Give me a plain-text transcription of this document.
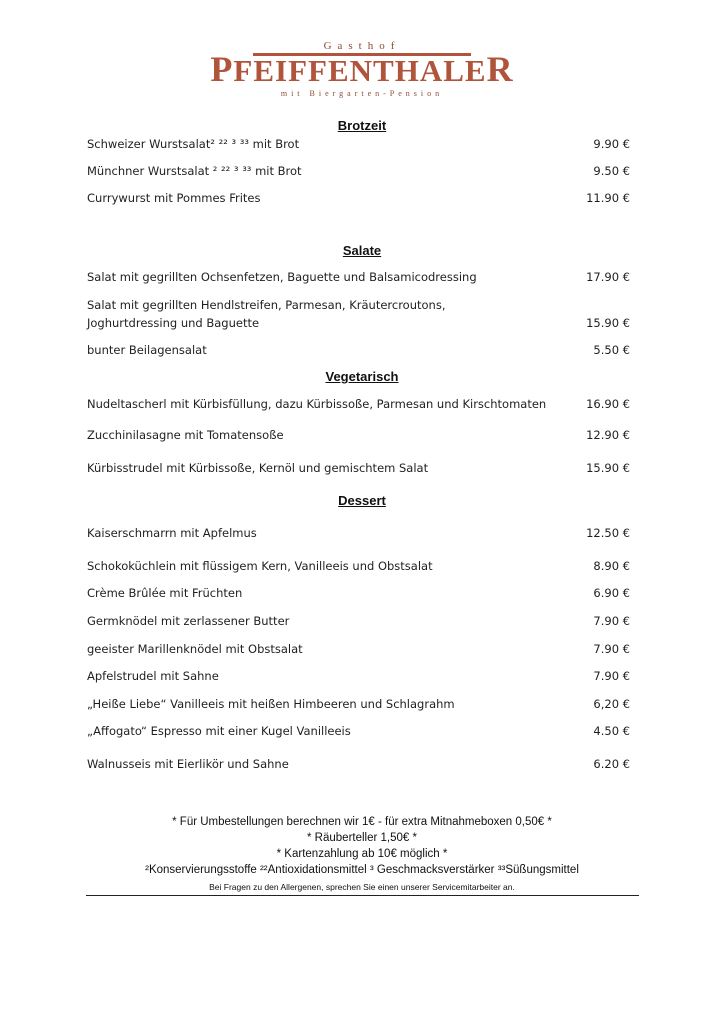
Gasthof
PFEIFFENTHALER
mit Biergarten-Pension
Brotzeit
Schweizer Wurstsalat² ²² ³ ³³ mit Brot	9.90 €
Münchner Wurstsalat ² ²² ³ ³³ mit Brot	9.50 €
Currywurst mit Pommes Frites	11.90 €
Salate
Salat mit gegrillten Ochsenfetzen, Baguette und Balsamicodressing	17.90 €
Salat mit gegrillten Hendlstreifen, Parmesan, Kräutercroutons,
Joghurtdressing und Baguette	15.90 €
bunter Beilagensalat	5.50 €
Vegetarisch
Nudeltascherl mit Kürbisfüllung, dazu Kürbissoße, Parmesan und Kirschtomaten	16.90 €
Zucchinilasagne mit Tomatensoße	12.90 €
Kürbisstrudel mit Kürbissoße, Kernöl und gemischtem Salat	15.90 €
Dessert
Kaiserschmarrn mit Apfelmus	12.50 €
Schokoküchlein mit flüssigem Kern, Vanilleeis und Obstsalat	8.90 €
Crème Brûlée mit Früchten	6.90 €
Germknödel mit zerlassener Butter	7.90 €
geeister Marillenknödel mit Obstsalat	7.90 €
Apfelstrudel mit Sahne	7.90 €
„Heiße Liebe“ Vanilleeis mit heißen Himbeeren und Schlagrahm	6,20 €
„Affogato“ Espresso mit einer Kugel Vanilleeis	4.50 €
Walnusseis mit Eierlikör und Sahne	6.20 €
* Für Umbestellungen berechnen wir 1€ - für extra Mitnahmeboxen 0,50€ *
* Räuberteller 1,50€ *
* Kartenzahlung ab 10€ möglich *
²Konservierungsstoffe ²²Antioxidationsmittel ³ Geschmacksverstärker ³³Süßungsmittel
Bei Fragen zu den Allergenen, sprechen Sie einen unserer Servicemitarbeiter an.
